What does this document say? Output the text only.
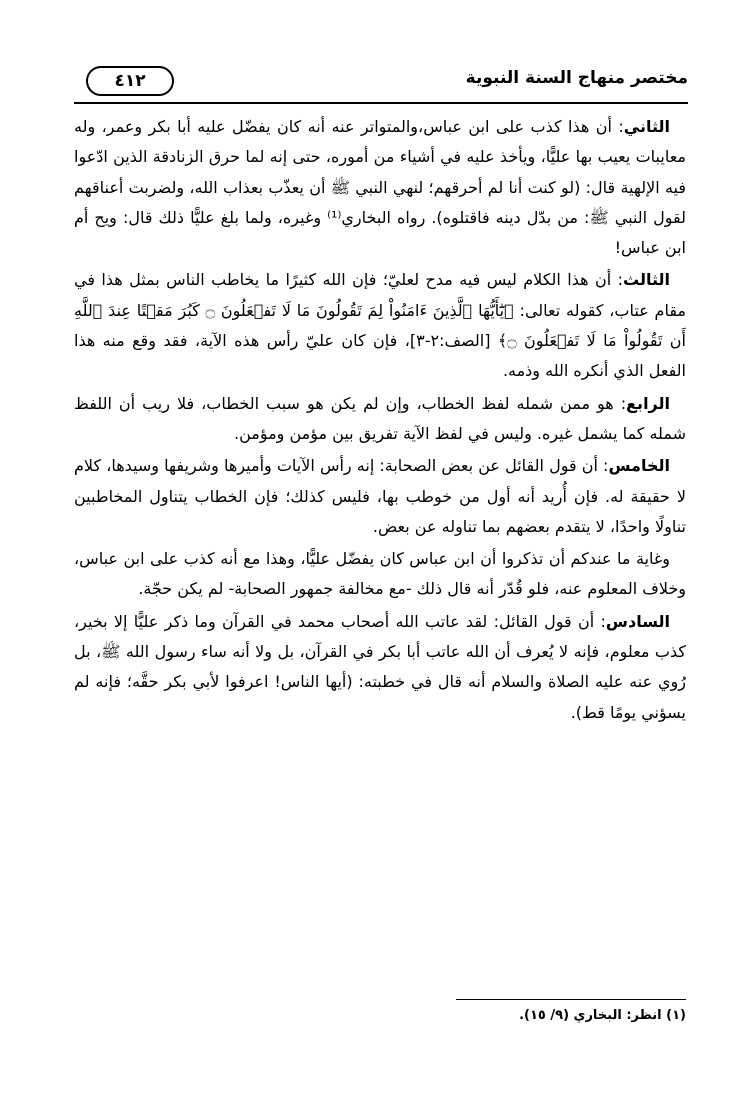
مختصر منهاج السنة النبوية
٤١٢

الثاني: أن هذا كذب على ابن عباس،والمتواتر عنه أنه كان يفضّل عليه أبا بكر وعمر، وله معايبات يعيب بها عليًّا، ويأخذ عليه في أشياء من أموره، حتى إنه لما حرق الزنادقة الذين ادّعوا فيه الإلهية قال: (لو كنت أنا لم أحرقهم؛ لنهي النبي ﷺ أن يعذّب بعذاب الله، ولضربت أعناقهم لقول النبي ﷺ: من بدّل دينه فاقتلوه). رواه البخاري⁽¹⁾ وغيره، ولما بلغ عليًّا ذلك قال: ويح أم ابن عباس!

الثالث: أن هذا الكلام ليس فيه مدح لعليّ؛ فإن الله كثيرًا ما يخاطب الناس بمثل هذا في مقام عتاب، كقوله تعالى: ﴿يَٰٓأَيُّهَا ٱلَّذِينَ ءَامَنُواْ لِمَ تَقُولُونَ مَا لَا تَفۡعَلُونَ ۝ كَبُرَ مَقۡتًا عِندَ ٱللَّهِ أَن تَقُولُواْ مَا لَا تَفۡعَلُونَ ۝﴾ [الصف:٢-٣]، فإن كان عليّ رأس هذه الآية، فقد وقع منه هذا الفعل الذي أنكره الله وذمه.

الرابع: هو ممن شمله لفظ الخطاب، وإن لم يكن هو سبب الخطاب، فلا ريب أن اللفظ شمله كما يشمل غيره. وليس في لفظ الآية تفريق بين مؤمن ومؤمن.

الخامس: أن قول القائل عن بعض الصحابة: إنه رأس الآيات وأميرها وشريفها وسيدها، كلام لا حقيقة له. فإن أُريد أنه أول من خوطب بها، فليس كذلك؛ فإن الخطاب يتناول المخاطبين تناولًا واحدًا، لا يتقدم بعضهم بما تناوله عن بعض.

وغاية ما عندكم أن تذكروا أن ابن عباس كان يفضّل عليًّا، وهذا مع أنه كذب على ابن عباس، وخلاف المعلوم عنه، فلو قُدّر أنه قال ذلك -مع مخالفة جمهور الصحابة- لم يكن حجّة.

السادس: أن قول القائل: لقد عاتب الله أصحاب محمد في القرآن وما ذكر عليًّا إلا بخير، كذب معلوم، فإنه لا يُعرف أن الله عاتب أبا بكر في القرآن، بل ولا أنه ساء رسول الله ﷺ، بل رُوي عنه عليه الصلاة والسلام أنه قال في خطبته: (أيها الناس! اعرفوا لأبي بكر حقَّه؛ فإنه لم يسؤني يومًا قط).

(١) انظر: البخاري (٩/ ١٥).
